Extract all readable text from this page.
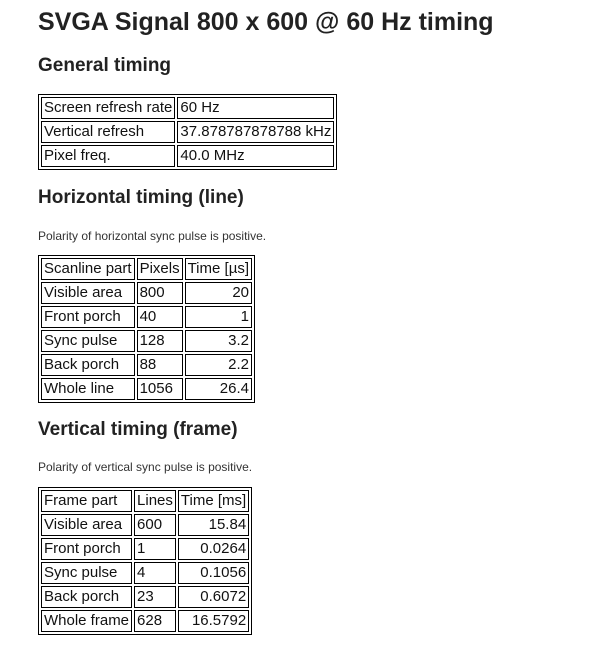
SVGA Signal 800 x 600 @ 60 Hz timing
General timing
Screen refresh rate	60 Hz
Vertical refresh	37.878787878788 kHz
Pixel freq.	40.0 MHz
Horizontal timing (line)

Polarity of horizontal sync pulse is positive.

Scanline part	Pixels	Time [µs]
Visible area	800	20
Front porch	40	1
Sync pulse	128	3.2
Back porch	88	2.2
Whole line	1056	26.4
Vertical timing (frame)

Polarity of vertical sync pulse is positive.

Frame part	Lines	Time [ms]
Visible area	600	15.84
Front porch	1	0.0264
Sync pulse	4	0.1056
Back porch	23	0.6072
Whole frame	628	16.5792
